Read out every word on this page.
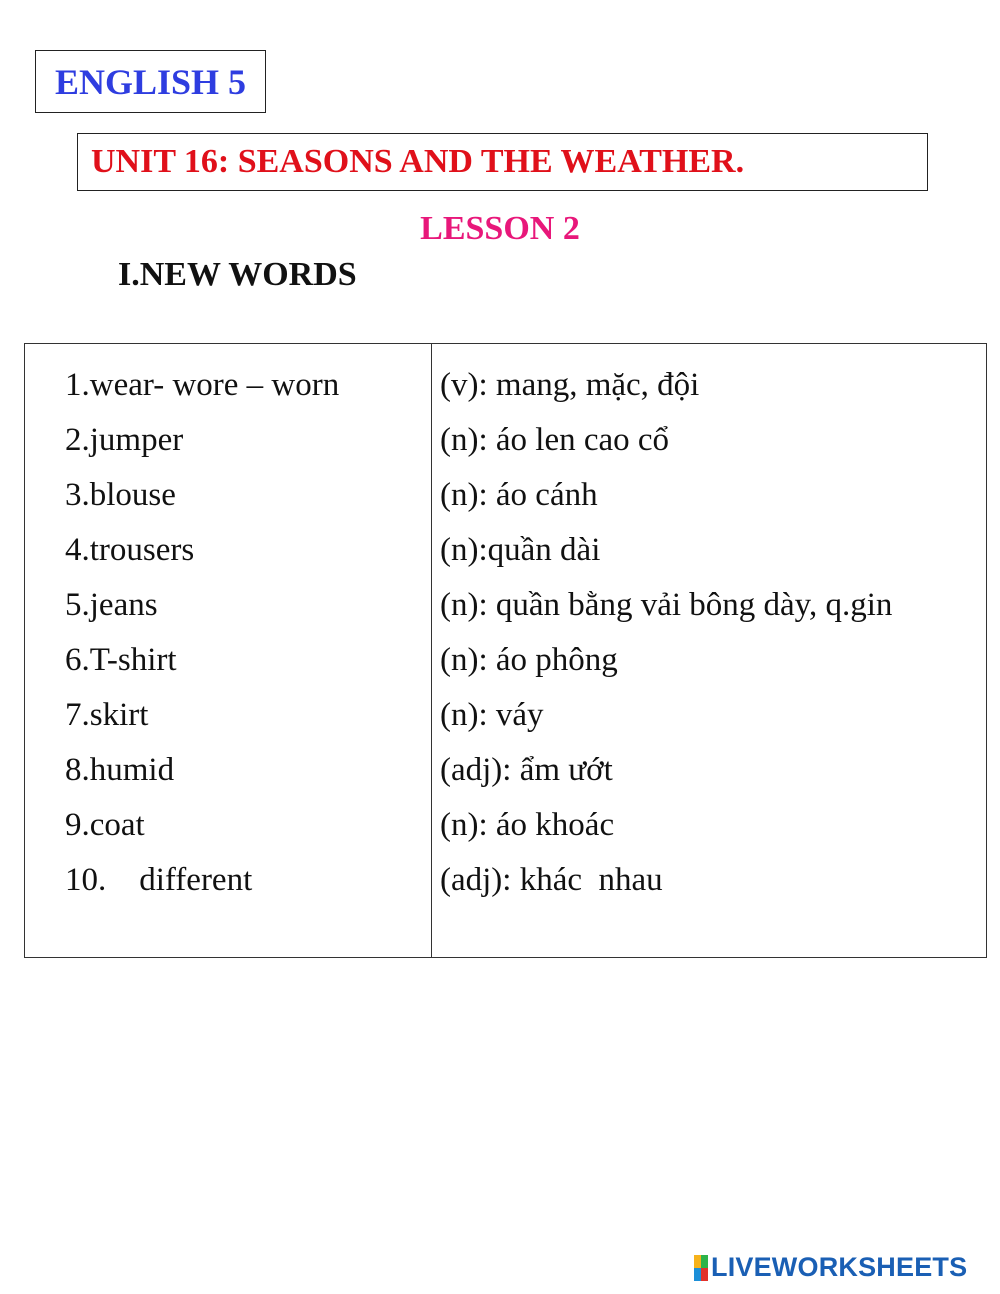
ENGLISH 5
UNIT 16: SEASONS AND THE WEATHER.
LESSON 2
I.NEW WORDS
1.wear- wore – worn
2.jumper
3.blouse
4.trousers
5.jeans
6.T-shirt
7.skirt
8.humid
9.coat
10.    different
(v): mang, mặc, đội
(n): áo len cao cổ
(n): áo cánh
(n):quần dài
(n): quần bằng vải bông dày, q.gin
(n): áo phông
(n): váy
(adj): ẩm ướt
(n): áo khoác
(adj): khác  nhau
LIVEWORKSHEETS
